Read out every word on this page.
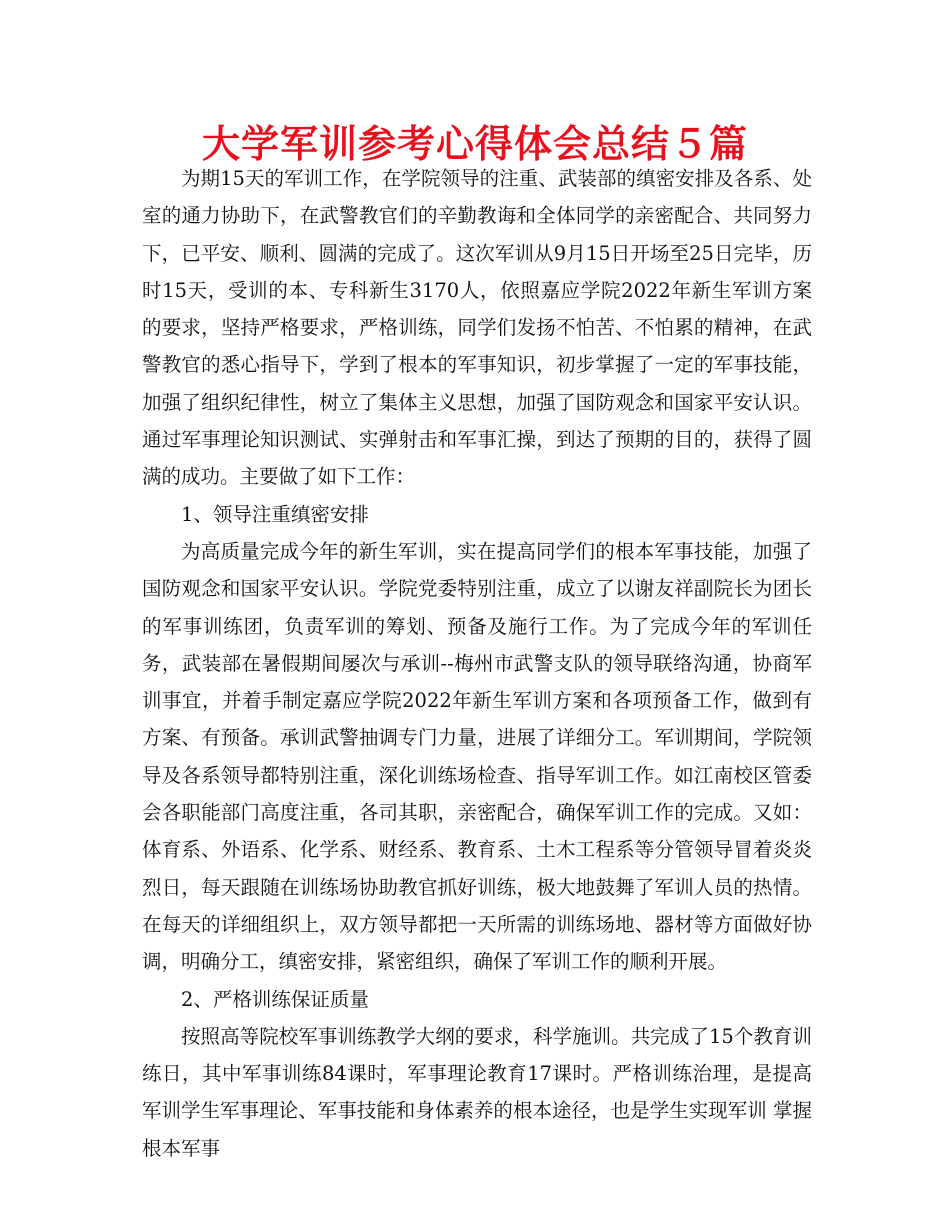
大学军训参考心得体会总结５篇

为期15天的军训工作，在学院领导的注重、武装部的缜密安排及各系、处室的通力协助下，在武警教官们的辛勤教诲和全体同学的亲密配合、共同努力下，已平安、顺利、圆满的完成了。这次军训从9月15日开场至25日完毕，历时15天，受训的本、专科新生3170人，依照嘉应学院2022年新生军训方案的要求，坚持严格要求，严格训练，同学们发扬不怕苦、不怕累的精神，在武警教官的悉心指导下，学到了根本的军事知识，初步掌握了一定的军事技能，加强了组织纪律性，树立了集体主义思想，加强了国防观念和国家平安认识。通过军事理论知识测试、实弹射击和军事汇操，到达了预期的目的，获得了圆满的成功。主要做了如下工作：

1、领导注重缜密安排

为高质量完成今年的新生军训，实在提高同学们的根本军事技能，加强了国防观念和国家平安认识。学院党委特别注重，成立了以谢友祥副院长为团长的军事训练团，负责军训的筹划、预备及施行工作。为了完成今年的军训任务，武装部在暑假期间屡次与承训--梅州市武警支队的领导联络沟通，协商军训事宜，并着手制定嘉应学院2022年新生军训方案和各项预备工作，做到有方案、有预备。承训武警抽调专门力量，进展了详细分工。军训期间，学院领导及各系领导都特别注重，深化训练场检查、指导军训工作。如江南校区管委会各职能部门高度注重，各司其职，亲密配合，确保军训工作的完成。又如：体育系、外语系、化学系、财经系、教育系、土木工程系等分管领导冒着炎炎烈日，每天跟随在训练场协助教官抓好训练，极大地鼓舞了军训人员的热情。在每天的详细组织上，双方领导都把一天所需的训练场地、器材等方面做好协调，明确分工，缜密安排，紧密组织，确保了军训工作的顺利开展。

2、严格训练保证质量

按照高等院校军事训练教学大纲的要求，科学施训。共完成了15个教育训练日，其中军事训练84课时，军事理论教育17课时。严格训练治理，是提高军训学生军事理论、军事技能和身体素养的根本途径，也是学生实现军训 掌握根本军事
